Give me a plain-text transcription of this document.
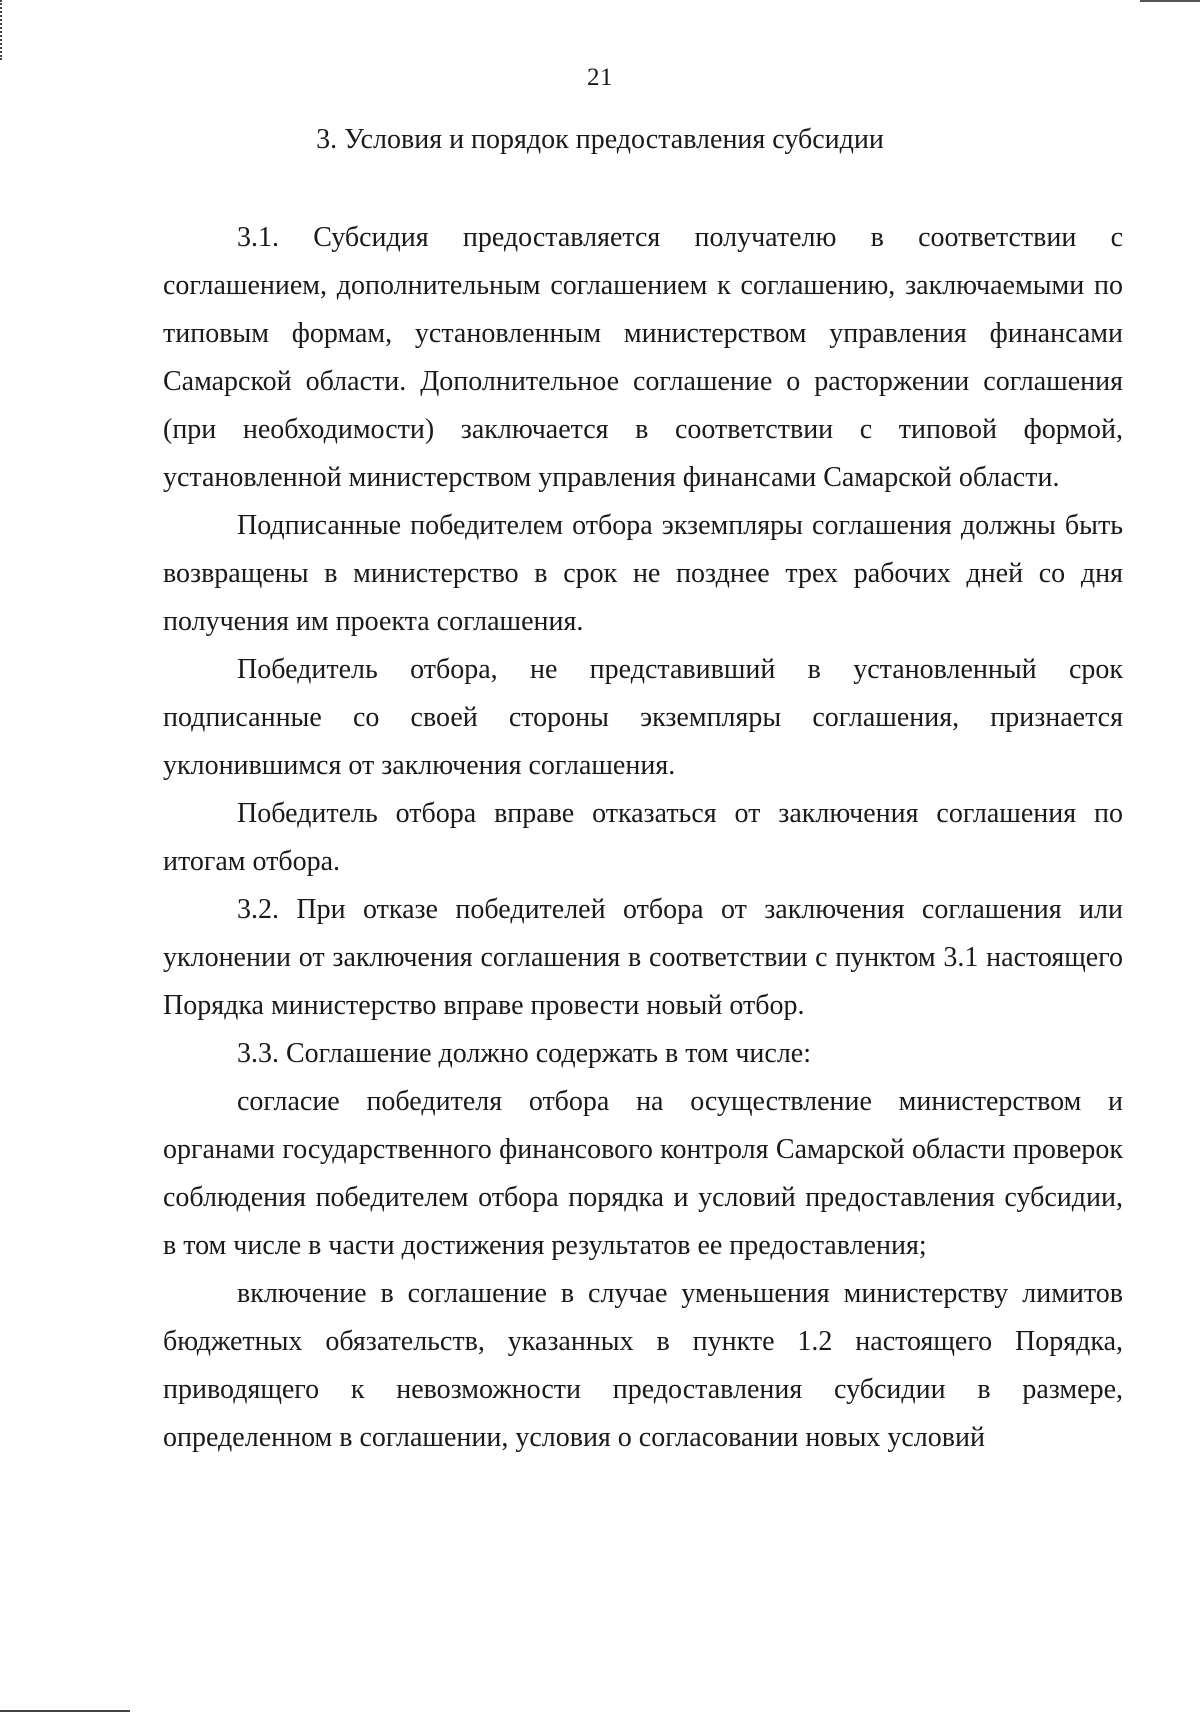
21
3. Условия и порядок предоставления субсидии

3.1. Субсидия предоставляется получателю в соответствии с соглашением, дополнительным соглашением к соглашению, заключаемыми по типовым формам, установленным министерством управления финансами Самарской области. Дополнительное соглашение о расторжении соглашения (при необходимости) заключается в соответствии с типовой формой, установленной министерством управления финансами Самарской области.

Подписанные победителем отбора экземпляры соглашения должны быть возвращены в министерство в срок не позднее трех рабочих дней со дня получения им проекта соглашения.

Победитель отбора, не представивший в установленный срок подписанные со своей стороны экземпляры соглашения, признается уклонившимся от заключения соглашения.

Победитель отбора вправе отказаться от заключения соглашения по итогам отбора.

3.2. При отказе победителей отбора от заключения соглашения или уклонении от заключения соглашения в соответствии с пунктом 3.1 настоящего Порядка министерство вправе провести новый отбор.

3.3. Соглашение должно содержать в том числе:

согласие победителя отбора на осуществление министерством и органами государственного финансового контроля Самарской области проверок соблюдения победителем отбора порядка и условий предоставления субсидии, в том числе в части достижения результатов ее предоставления;

включение в соглашение в случае уменьшения министерству лимитов бюджетных обязательств, указанных в пункте 1.2 настоящего Порядка, приводящего к невозможности предоставления субсидии в размере, определенном в соглашении, условия о согласовании новых условий
